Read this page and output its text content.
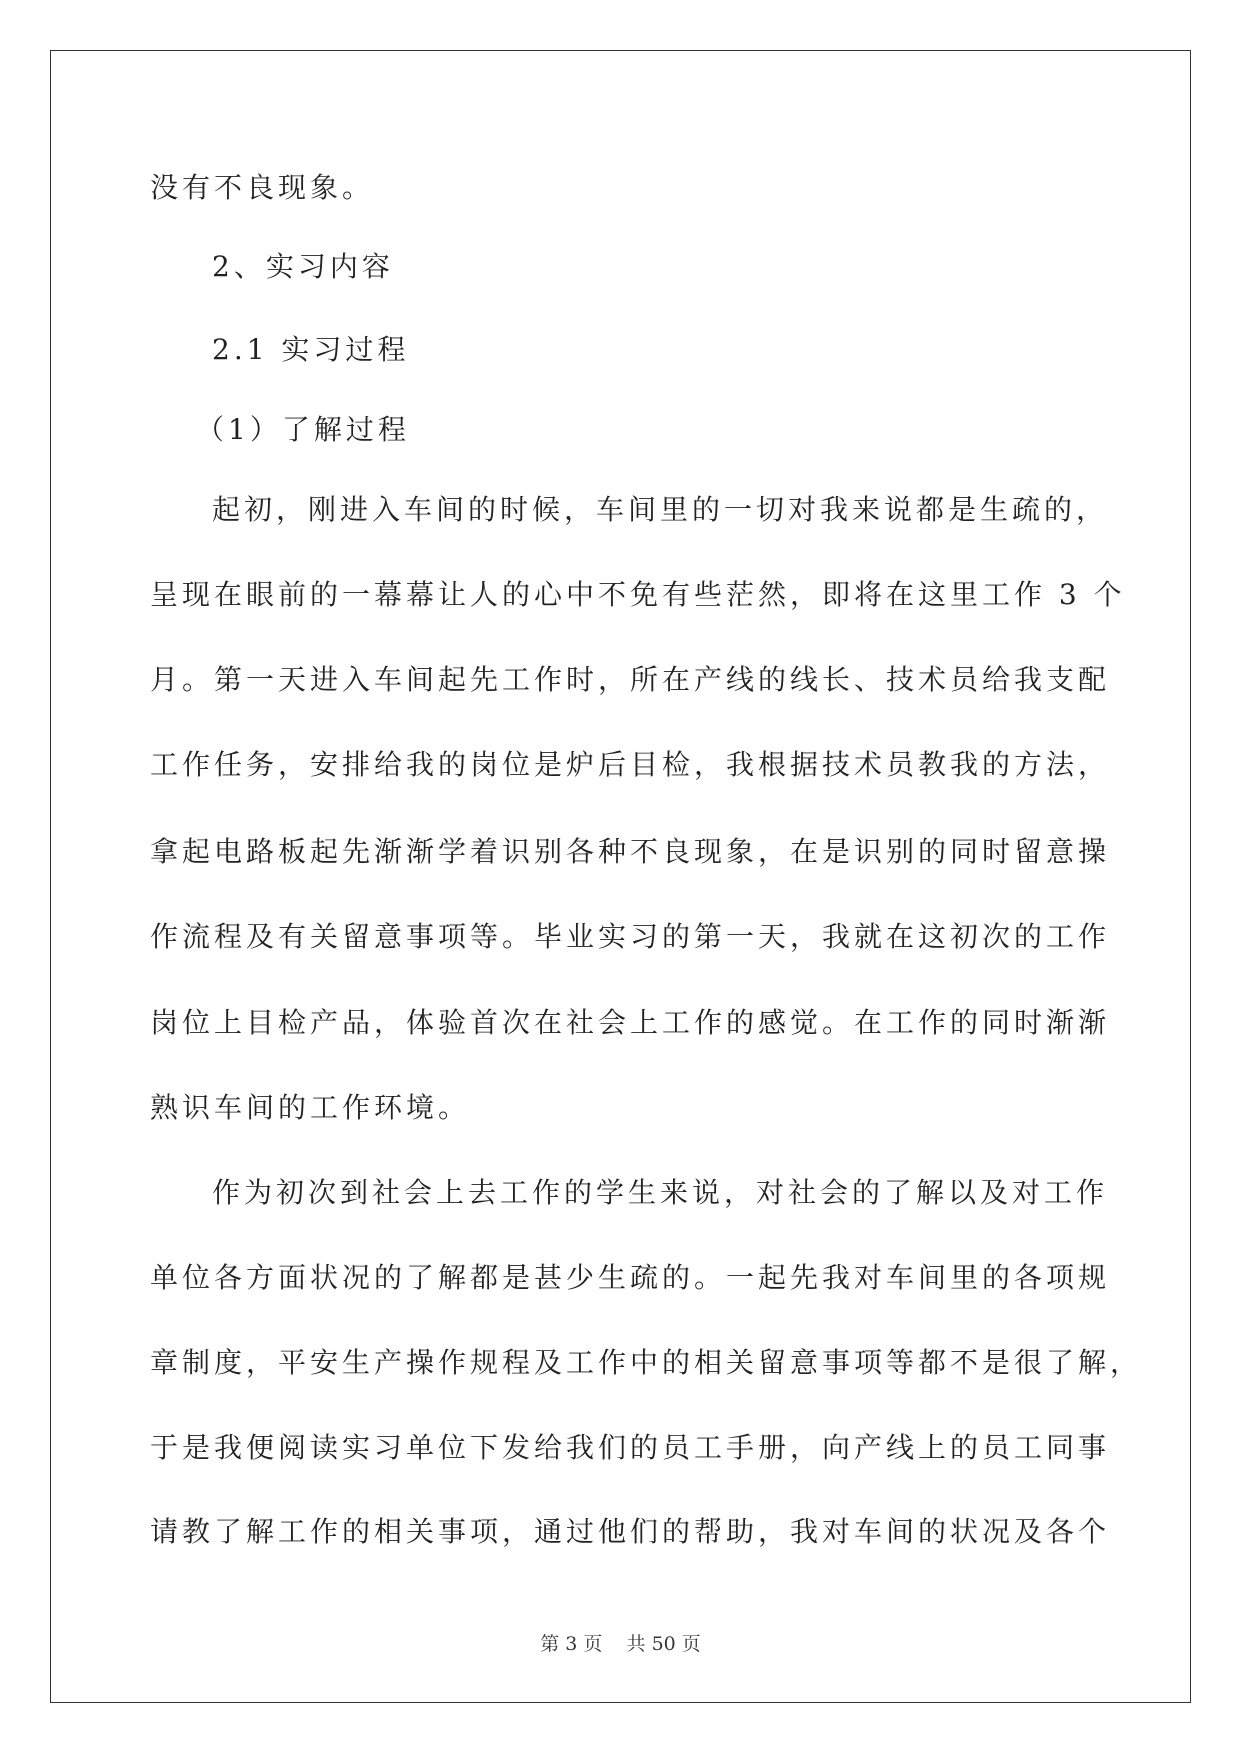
没有不良现象。

2、实习内容

2.1 实习过程

（1）了解过程

起初，刚进入车间的时候，车间里的一切对我来说都是生疏的，

呈现在眼前的一幕幕让人的心中不免有些茫然，即将在这里工作 3 个

月。第一天进入车间起先工作时，所在产线的线长、技术员给我支配

工作任务，安排给我的岗位是炉后目检，我根据技术员教我的方法，

拿起电路板起先渐渐学着识别各种不良现象，在是识别的同时留意操

作流程及有关留意事项等。毕业实习的第一天，我就在这初次的工作

岗位上目检产品，体验首次在社会上工作的感觉。在工作的同时渐渐

熟识车间的工作环境。

作为初次到社会上去工作的学生来说，对社会的了解以及对工作

单位各方面状况的了解都是甚少生疏的。一起先我对车间里的各项规

章制度，平安生产操作规程及工作中的相关留意事项等都不是很了解，

于是我便阅读实习单位下发给我们的员工手册，向产线上的员工同事

请教了解工作的相关事项，通过他们的帮助，我对车间的状况及各个

第 3 页 共 50 页
